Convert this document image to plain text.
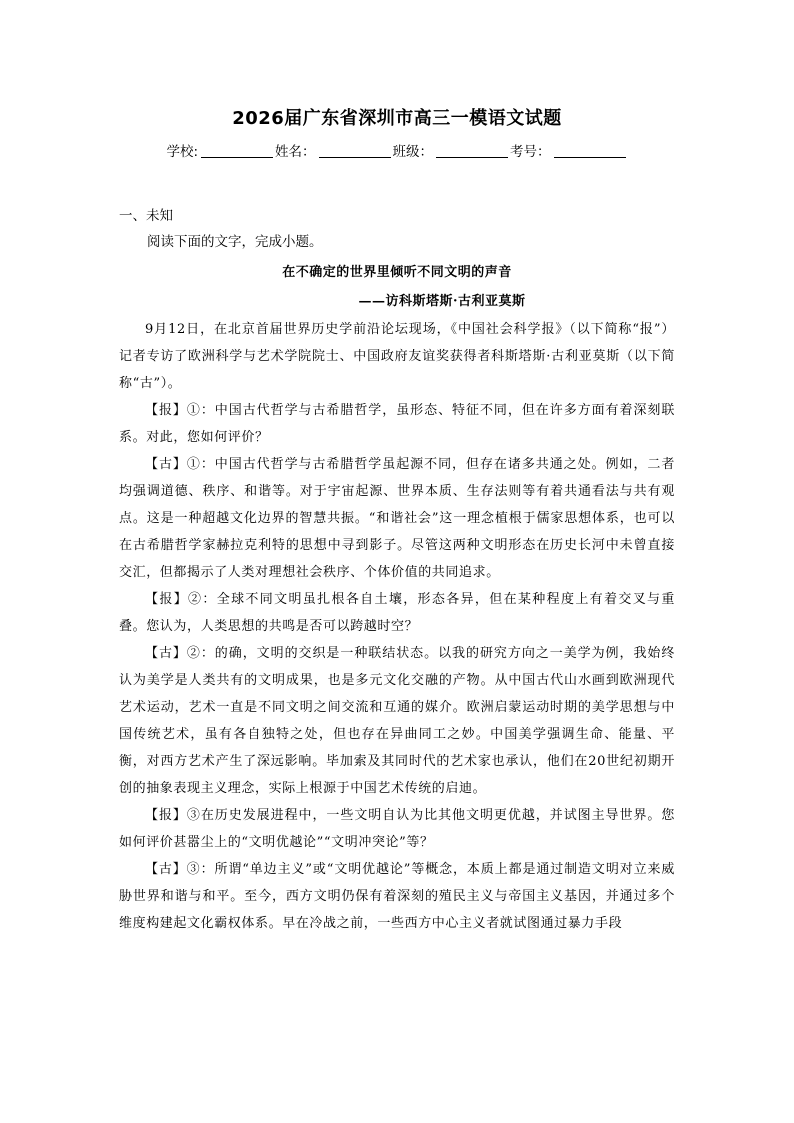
2026届广东省深圳市高三一模语文试题
学校:	姓名：	班级：	考号：
一、未知
阅读下面的文字，完成小题。
在不确定的世界里倾听不同文明的声音
——访科斯塔斯·古利亚莫斯

9月12日，在北京首届世界历史学前沿论坛现场，《中国社会科学报》（以下简称“报”）记者专访了欧洲科学与艺术学院院士、中国政府友谊奖获得者科斯塔斯·古利亚莫斯（以下简称“古”）。

【报】①：中国古代哲学与古希腊哲学，虽形态、特征不同，但在许多方面有着深刻联系。对此，您如何评价？

【古】①：中国古代哲学与古希腊哲学虽起源不同，但存在诸多共通之处。例如，二者均强调道德、秩序、和谐等。对于宇宙起源、世界本质、生存法则等有着共通看法与共有观点。这是一种超越文化边界的智慧共振。“和谐社会”这一理念植根于儒家思想体系，也可以在古希腊哲学家赫拉克利特的思想中寻到影子。尽管这两种文明形态在历史长河中未曾直接交汇，但都揭示了人类对理想社会秩序、个体价值的共同追求。

【报】②：全球不同文明虽扎根各自土壤，形态各异，但在某种程度上有着交叉与重叠。您认为，人类思想的共鸣是否可以跨越时空？

【古】②：的确，文明的交织是一种联结状态。以我的研究方向之一美学为例，我始终认为美学是人类共有的文明成果，也是多元文化交融的产物。从中国古代山水画到欧洲现代艺术运动，艺术一直是不同文明之间交流和互通的媒介。欧洲启蒙运动时期的美学思想与中国传统艺术，虽有各自独特之处，但也存在异曲同工之妙。中国美学强调生命、能量、平衡，对西方艺术产生了深远影响。毕加索及其同时代的艺术家也承认，他们在20世纪初期开创的抽象表现主义理念，实际上根源于中国艺术传统的启迪。

【报】③在历史发展进程中，一些文明自认为比其他文明更优越，并试图主导世界。您如何评价甚嚣尘上的“文明优越论”“文明冲突论”等？

【古】③：所谓“单边主义”或“文明优越论”等概念，本质上都是通过制造文明对立来威胁世界和谐与和平。至今，西方文明仍保有着深刻的殖民主义与帝国主义基因，并通过多个维度构建起文化霸权体系。早在冷战之前，一些西方中心主义者就试图通过暴力手段
